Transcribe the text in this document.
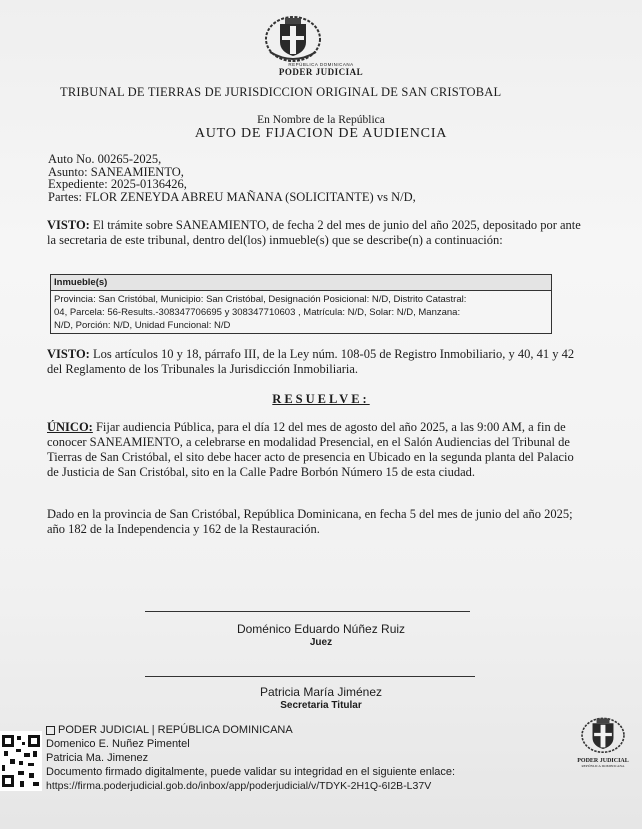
REPÚBLICA DOMINICANA
PODER JUDICIAL
TRIBUNAL DE TIERRAS DE JURISDICCION ORIGINAL DE SAN CRISTOBAL
En Nombre de la República
AUTO DE FIJACION DE AUDIENCIA
Auto No. 00265-2025,
Asunto: SANEAMIENTO,
Expediente: 2025-0136426,
Partes: FLOR ZENEYDA ABREU MAÑANA (SOLICITANTE) vs N/D,
VISTO: El trámite sobre SANEAMIENTO, de fecha 2 del mes de junio del año 2025, depositado por ante la secretaria de este tribunal, dentro del(los) inmueble(s) que se describe(n) a continuación:
Inmueble(s)
Provincia: San Cristóbal, Municipio: San Cristóbal, Designación Posicional: N/D, Distrito Catastral:
04, Parcela: 56-Results.-308347706695 y 308347710603 , Matrícula: N/D, Solar: N/D, Manzana:
N/D, Porción: N/D, Unidad Funcional: N/D
VISTO: Los artículos 10 y 18, párrafo III, de la Ley núm. 108-05 de Registro Inmobiliario, y 40, 41 y 42 del Reglamento de los Tribunales la Jurisdicción Inmobiliaria.
RESUELVE:
ÚNICO: Fijar audiencia Pública, para el día 12 del mes de agosto del año 2025, a las 9:00 AM, a fin de conocer SANEAMIENTO, a celebrarse en modalidad Presencial, en el Salón Audiencias del Tribunal de Tierras de San Cristóbal, el sito debe hacer acto de presencia en Ubicado en la segunda planta del Palacio de Justicia de San Cristóbal, sito en la Calle Padre Borbón Número 15 de esta ciudad.
Dado en la provincia de San Cristóbal, República Dominicana, en fecha 5 del mes de junio del año 2025; año 182 de la Independencia y 162 de la Restauración.
Doménico Eduardo Núñez Ruiz
Juez
Patricia María Jiménez
Secretaria Titular
PODER JUDICIAL | REPÚBLICA DOMINICANA
Domenico E. Nuñez Pimentel
Patricia Ma. Jimenez
Documento firmado digitalmente, puede validar su integridad en el siguiente enlace:
https://firma.poderjudicial.gob.do/inbox/app/poderjudicial/v/TDYK-2H1Q-6I2B-L37V
PODER JUDICIAL
REPÚBLICA DOMINICANA
